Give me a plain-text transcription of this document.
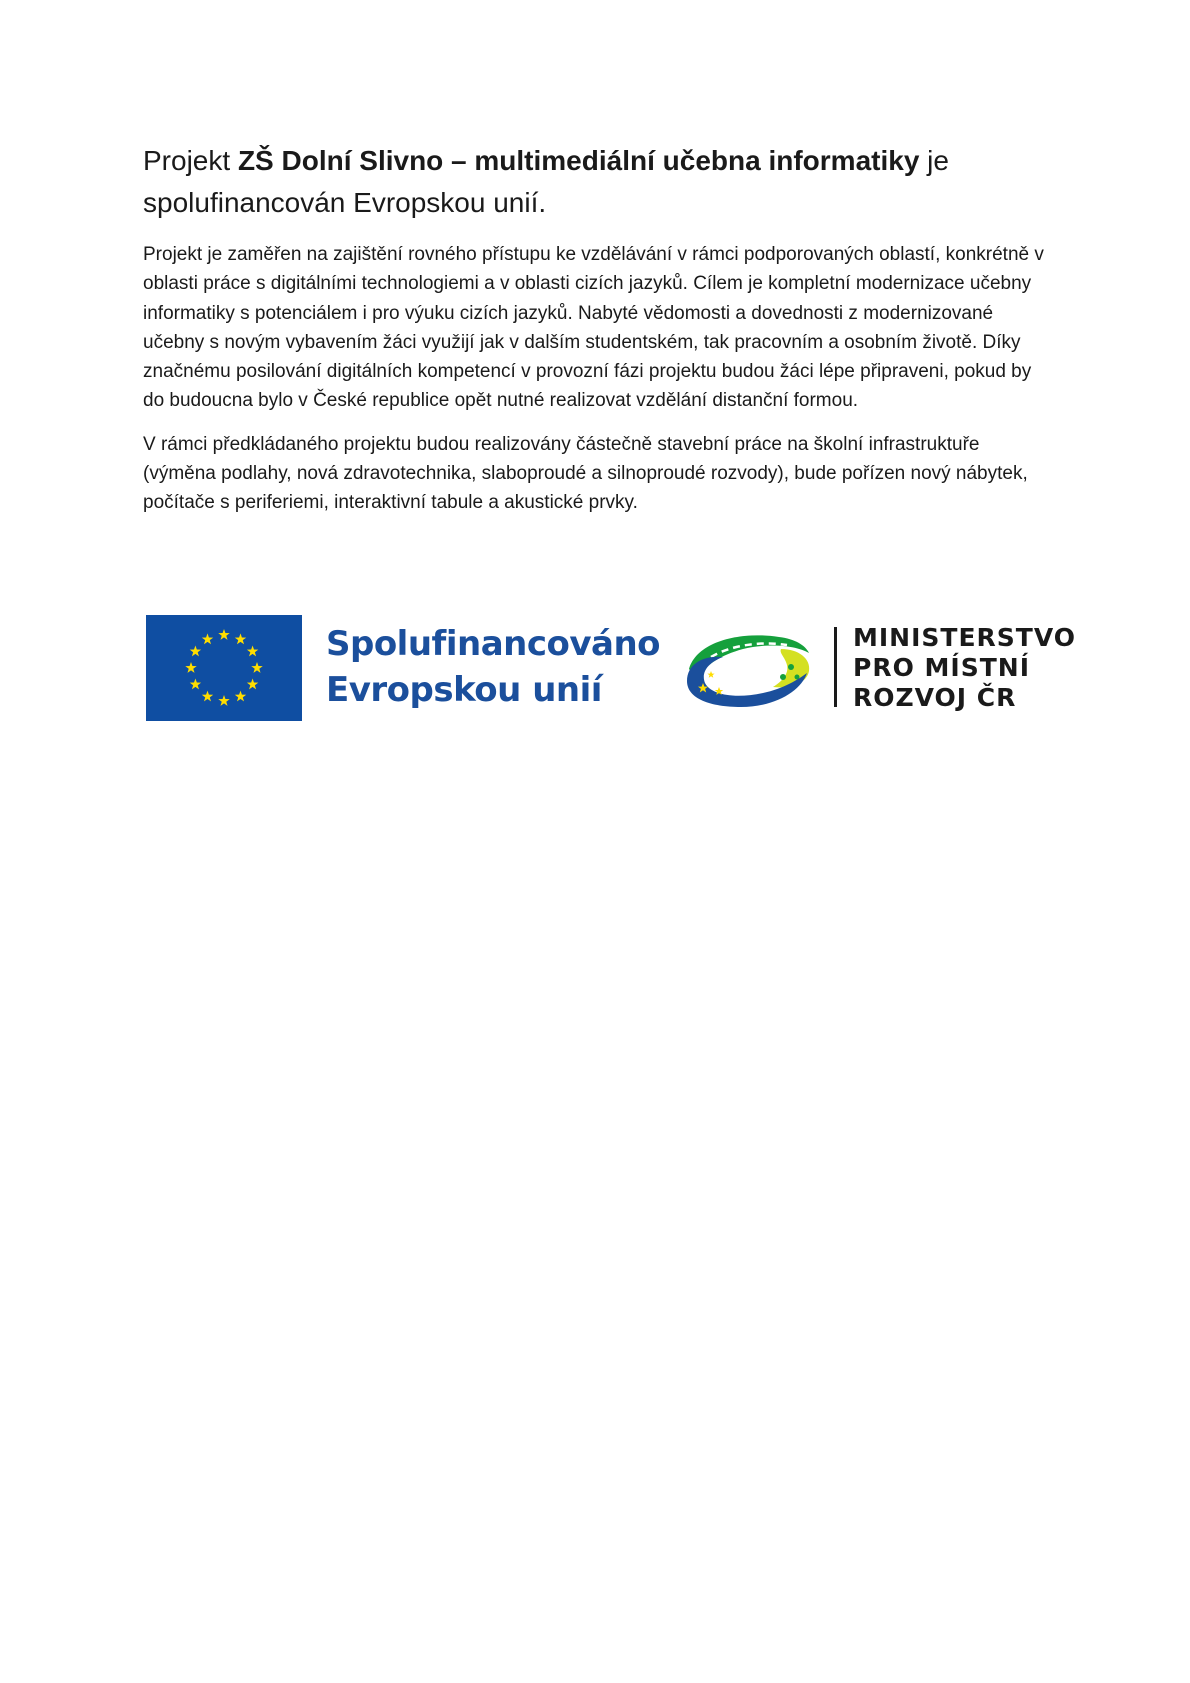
Projekt ZŠ Dolní Slivno – multimediální učebna informatiky je spolufinancován Evropskou unií.

Projekt je zaměřen na zajištění rovného přístupu ke vzdělávání v rámci podporovaných oblastí, konkrétně v oblasti práce s digitálními technologiemi a v oblasti cizích jazyků. Cílem je kompletní modernizace učebny informatiky s potenciálem i pro výuku cizích jazyků. Nabyté vědomosti a dovednosti z modernizované učebny s novým vybavením žáci využijí jak v dalším studentském, tak pracovním a osobním životě. Díky značnému posilování digitálních kompetencí v provozní fázi projektu budou žáci lépe připraveni, pokud by do budoucna bylo v České republice opět nutné realizovat vzdělání distanční formou.

V rámci předkládaného projektu budou realizovány částečně stavební práce na školní infrastruktuře (výměna podlahy, nová zdravotechnika, slaboproudé a silnoproudé rozvody), bude pořízen nový nábytek, počítače s periferiemi, interaktivní tabule a akustické prvky.

Spolufinancováno
Evropskou unií
MINISTERSTVO
PRO MÍSTNÍ
ROZVOJ ČR
